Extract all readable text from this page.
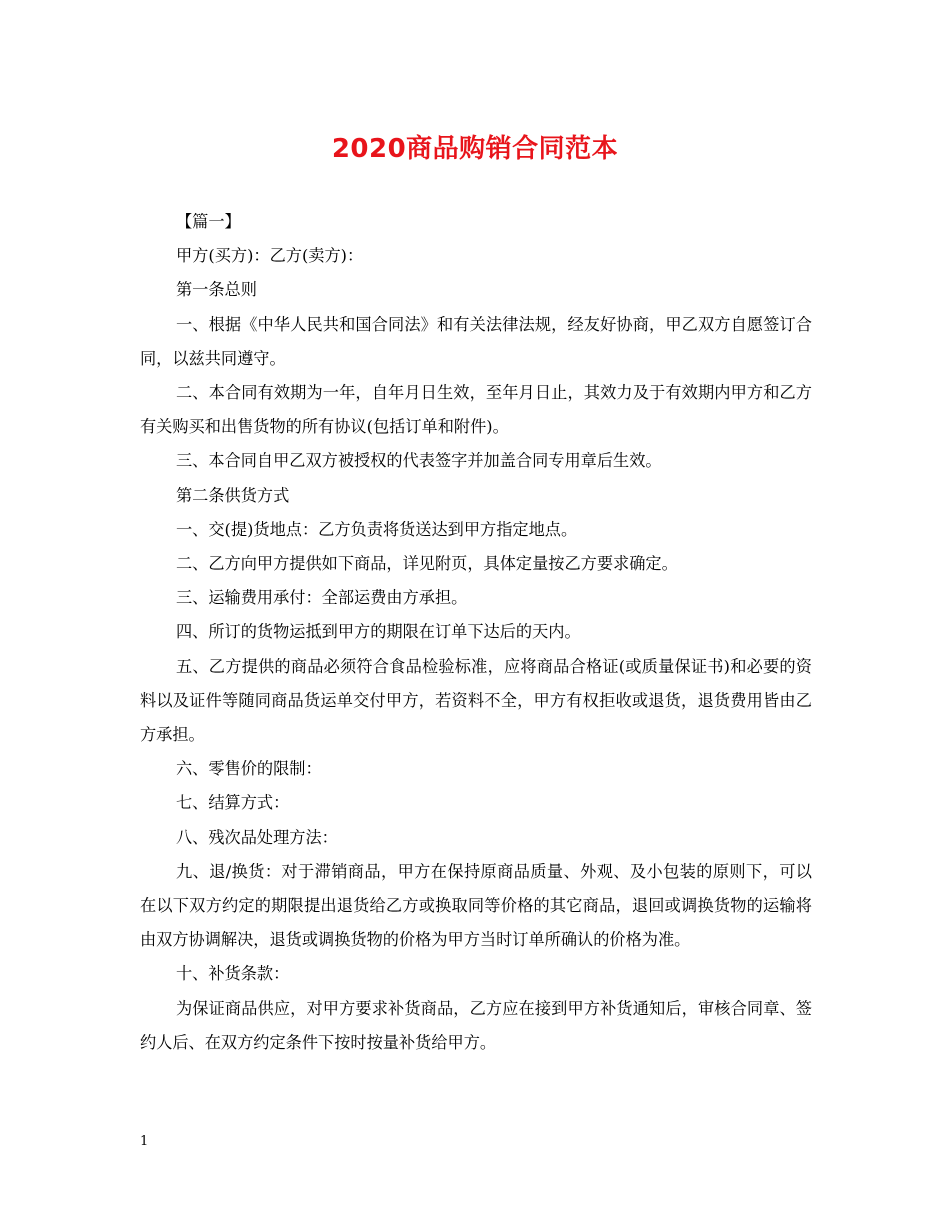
2020商品购销合同范本

【篇一】

甲方(买方)：乙方(卖方)：

第一条总则

一、根据《中华人民共和国合同法》和有关法律法规，经友好协商，甲乙双方自愿签订合同，以兹共同遵守。

二、本合同有效期为一年，自年月日生效，至年月日止，其效力及于有效期内甲方和乙方有关购买和出售货物的所有协议(包括订单和附件)。

三、本合同自甲乙双方被授权的代表签字并加盖合同专用章后生效。

第二条供货方式

一、交(提)货地点：乙方负责将货送达到甲方指定地点。

二、乙方向甲方提供如下商品，详见附页，具体定量按乙方要求确定。

三、运输费用承付：全部运费由方承担。

四、所订的货物运抵到甲方的期限在订单下达后的天内。

五、乙方提供的商品必须符合食品检验标准，应将商品合格证(或质量保证书)和必要的资料以及证件等随同商品货运单交付甲方，若资料不全，甲方有权拒收或退货，退货费用皆由乙方承担。

六、零售价的限制：

七、结算方式：

八、残次品处理方法：

九、退/换货：对于滞销商品，甲方在保持原商品质量、外观、及小包装的原则下，可以在以下双方约定的期限提出退货给乙方或换取同等价格的其它商品，退回或调换货物的运输将由双方协调解决，退货或调换货物的价格为甲方当时订单所确认的价格为准。

十、补货条款：

为保证商品供应，对甲方要求补货商品，乙方应在接到甲方补货通知后，审核合同章、签约人后、在双方约定条件下按时按量补货给甲方。

1
